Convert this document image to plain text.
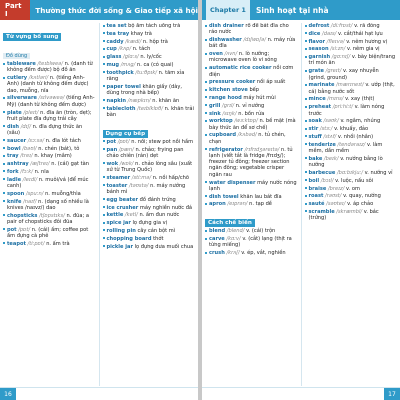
Part I	Thường thức đời sống & Giao tiếp xã hội
Từ vựng bổ sung
Đồ dùng
tableware /teɪblweə/ n. (danh từ không đếm được) bộ đồ ăn
cutlery /kʌtləri/ n. (tiếng Anh-Anh) (danh từ không đếm được) dao, muỗng, nĩa
silverware /sɪlvəweə/ (tiếng Anh-Mỹ) (danh từ không đếm được)
plate /pleɪt/ n. đĩa ăn (tròn, dẹt); fruit plate đĩa đựng trái cây
dish /dɪʃ/ n. đĩa đựng thức ăn (sâu)
saucer /sɔːsə/ n. đĩa lót tách
bowl /bəʊl/ n. chén (bát), tô
tray /treɪ/ n. khay (mâm)
ashtray /æʃtreɪ/ n. (cái) gạt tàn
fork /fɔːk/ n. nĩa
ladle /leɪdl/ n. muôi/vá (để múc canh)
spoon /spuːn/ n. muỗng/thìa
knife /naɪf/ n. (dạng số nhiều là knives /naɪvz/) dao
chopsticks /tʃɒpstɪks/ n. đũa; a pair of chopsticks đôi đũa
pot /pɒt/ n. (cái) ấm; coffee pot ấm đựng cà phê
teapot /tiːpɒt/ n. ấm trà
tea set bộ ấm tách uống trà
tea tray khay trà
caddy /kædi/ n. hộp trà
cup /kʌp/ n. tách
glass /glɑːs/ n. ly/cốc
mug /mʌg/ n. ca (có quai)
toothpick /tuːθpɪk/ n. tăm xỉa răng
paper towel khăn giấy (dày, dùng trong nhà bếp)
napkin /næpkɪn/ n. khăn ăn
tablecloth /teɪblklɒθ/ n. khăn trải bàn
Dụng cụ bếp
pot /pɒt/ n. nồi; stew pot nồi hầm
pan /pæn/ n. chảo; frying pan chảo chiên (rán) dẹt
wok /wɒk/ n. chảo lòng sâu (xuất xứ từ Trung Quốc)
steamer /stiːmə/ n. nồi hấp/chõ
toaster /təʊstə/ n. máy nướng bánh mì
egg beater đồ đánh trứng
ice crusher máy nghiền nước đá
kettle /ketl/ n. ấm đun nước
spice jar lọ đựng gia vị
rolling pin cây cán bột mì
chopping board thớt
pickle jar lọ đựng dưa muối chua
16
Chapter 1	Sinh hoạt tại nhà
dish drainer rổ để bát đĩa cho ráo nước
dishwasher /dɪʃwɒʃə/ n. máy rửa bát đĩa
oven /ʌvn/ n. lò nướng; microwave oven lò vi sóng
automatic rice cooker nồi cơm điện
pressure cooker nồi áp suất
kitchen stove bếp
range hood máy hút mùi
grill /grɪl/ n. vỉ nướng
sink /sɪŋk/ n. bồn rửa
worktop /wɜːktɒp/ n. bề mặt (mà bày thức ăn để sơ chế)
cupboard /kʌbəd/ n. tủ chén, chạn
refrigerator /rɪfrɪdʒəreɪtə/ n. tủ lạnh (viết tắt là fridge /frɪdʒ/); freezer tủ đông; freezer section ngăn đông; vegetable crisper ngăn rau
water dispenser máy nước nóng lạnh
dish towel khăn lau bát đĩa
apron /eɪprən/ n. tạp dề
Cách chế biến
blend /blend/ v. (cái) trộn
carve /kɑːv/ v. (cắt) lạng (thịt ra từng miếng)
crush /krʌʃ/ v. ép, vắt, nghiền
defrost /diːfrɒst/ v. rã đông
dice /daɪs/ v. cắt/thái hạt lựu
flavor /fleɪvə/ v. nêm hương vị
season /siːzn/ v. nêm gia vị
garnish /gɑːnɪʃ/ v. bày biện/trang trí món ăn
grate /greɪt/ v. xay nhuyễn (grind, ground)
marinate /mærɪneɪt/ v. ướp (thịt, cá) bằng nước sốt
mince /mɪns/ v. xay (thịt)
preheat /priːhiːt/ v. làm nóng trước
soak /səʊk/ v. ngâm, nhúng
stir /stɜː/ v. khuấy, đảo
stuff /stʌf/ v. nhồi (nhân)
tenderize /tendəraɪz/ v. làm mềm, dần mềm
bake /beɪk/ v. nướng bằng lò nướng
barbecue /bɑːbɪkjuː/ v. nướng vỉ
boil /bɔɪl/ v. luộc, nấu sôi
braise /breɪz/ v. om
roast /rəʊst/ v. quay, nướng
sauté /səʊteɪ/ v. áp chảo
scramble /skræmbl/ v. bác (trứng)
17
